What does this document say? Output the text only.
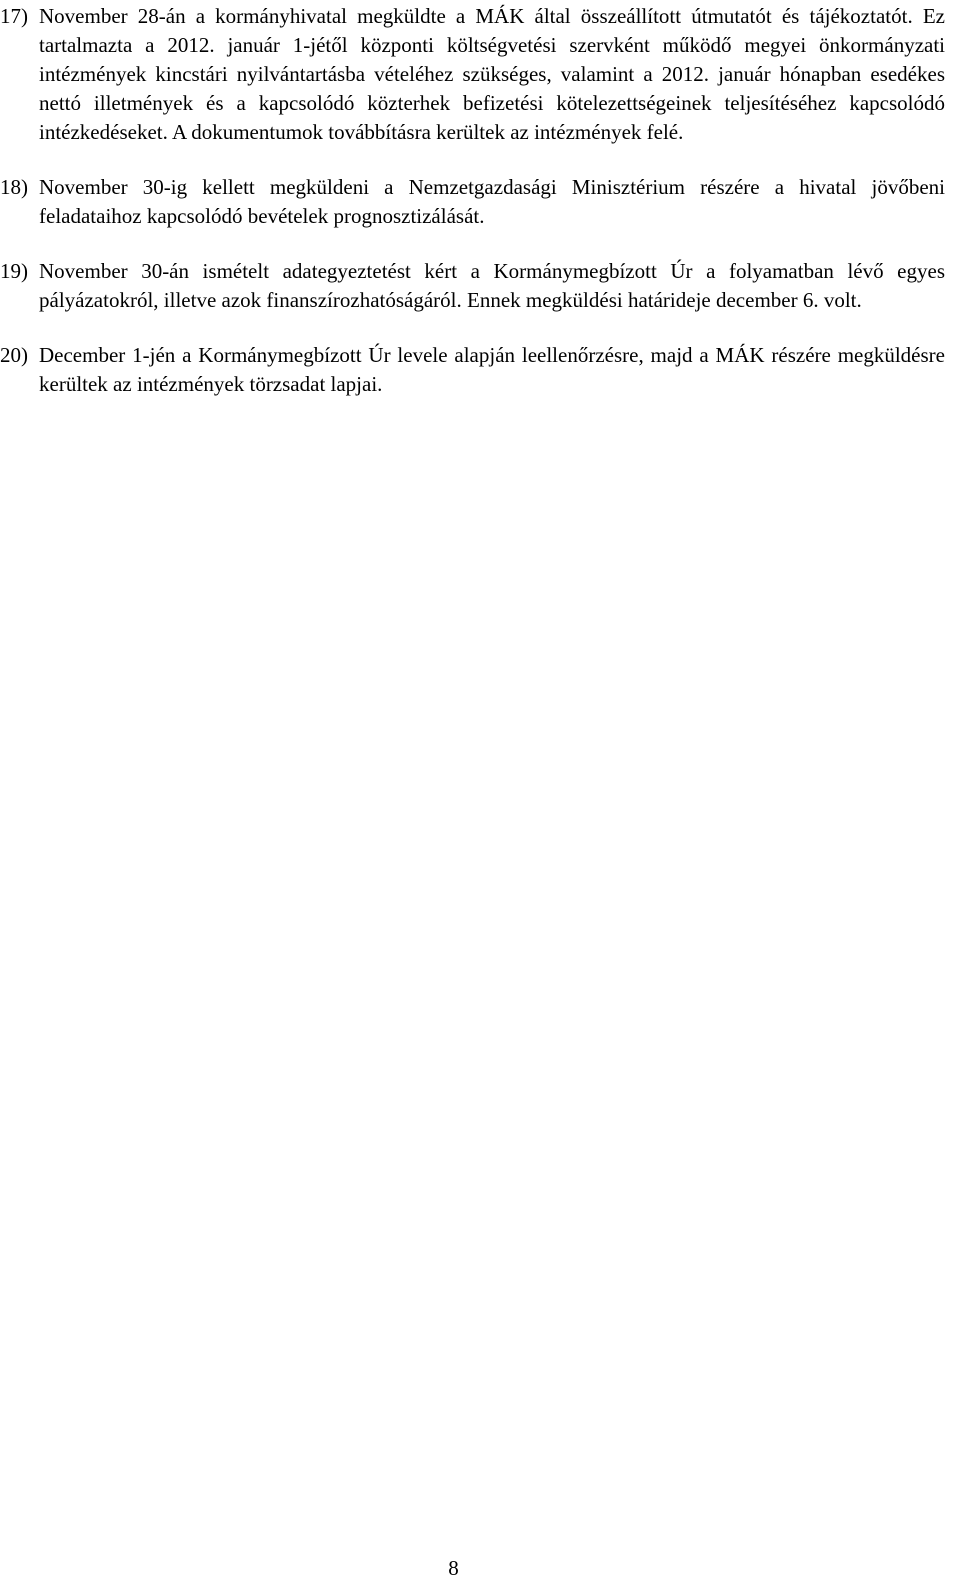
17) November 28-án a kormányhivatal megküldte a MÁK által összeállított útmutatót és tájékoztatót. Ez tartalmazta a 2012. január 1-jétől központi költségvetési szervként működő megyei önkormányzati intézmények kincstári nyilvántartásba vételéhez szükséges, valamint a 2012. január hónapban esedékes nettó illetmények és a kapcsolódó közterhek befizetési kötelezettségeinek teljesítéséhez kapcsolódó intézkedéseket. A dokumentumok továbbításra kerültek az intézmények felé.
18) November 30-ig kellett megküldeni a Nemzetgazdasági Minisztérium részére a hivatal jövőbeni feladataihoz kapcsolódó bevételek prognosztizálását.
19) November 30-án ismételt adategyeztetést kért a Kormánymegbízott Úr a folyamatban lévő egyes pályázatokról, illetve azok finanszírozhatóságáról. Ennek megküldési határideje december 6. volt.
20) December 1-jén a Kormánymegbízott Úr levele alapján leellenőrzésre, majd a MÁK részére megküldésre kerültek az intézmények törzsadat lapjai.
8
